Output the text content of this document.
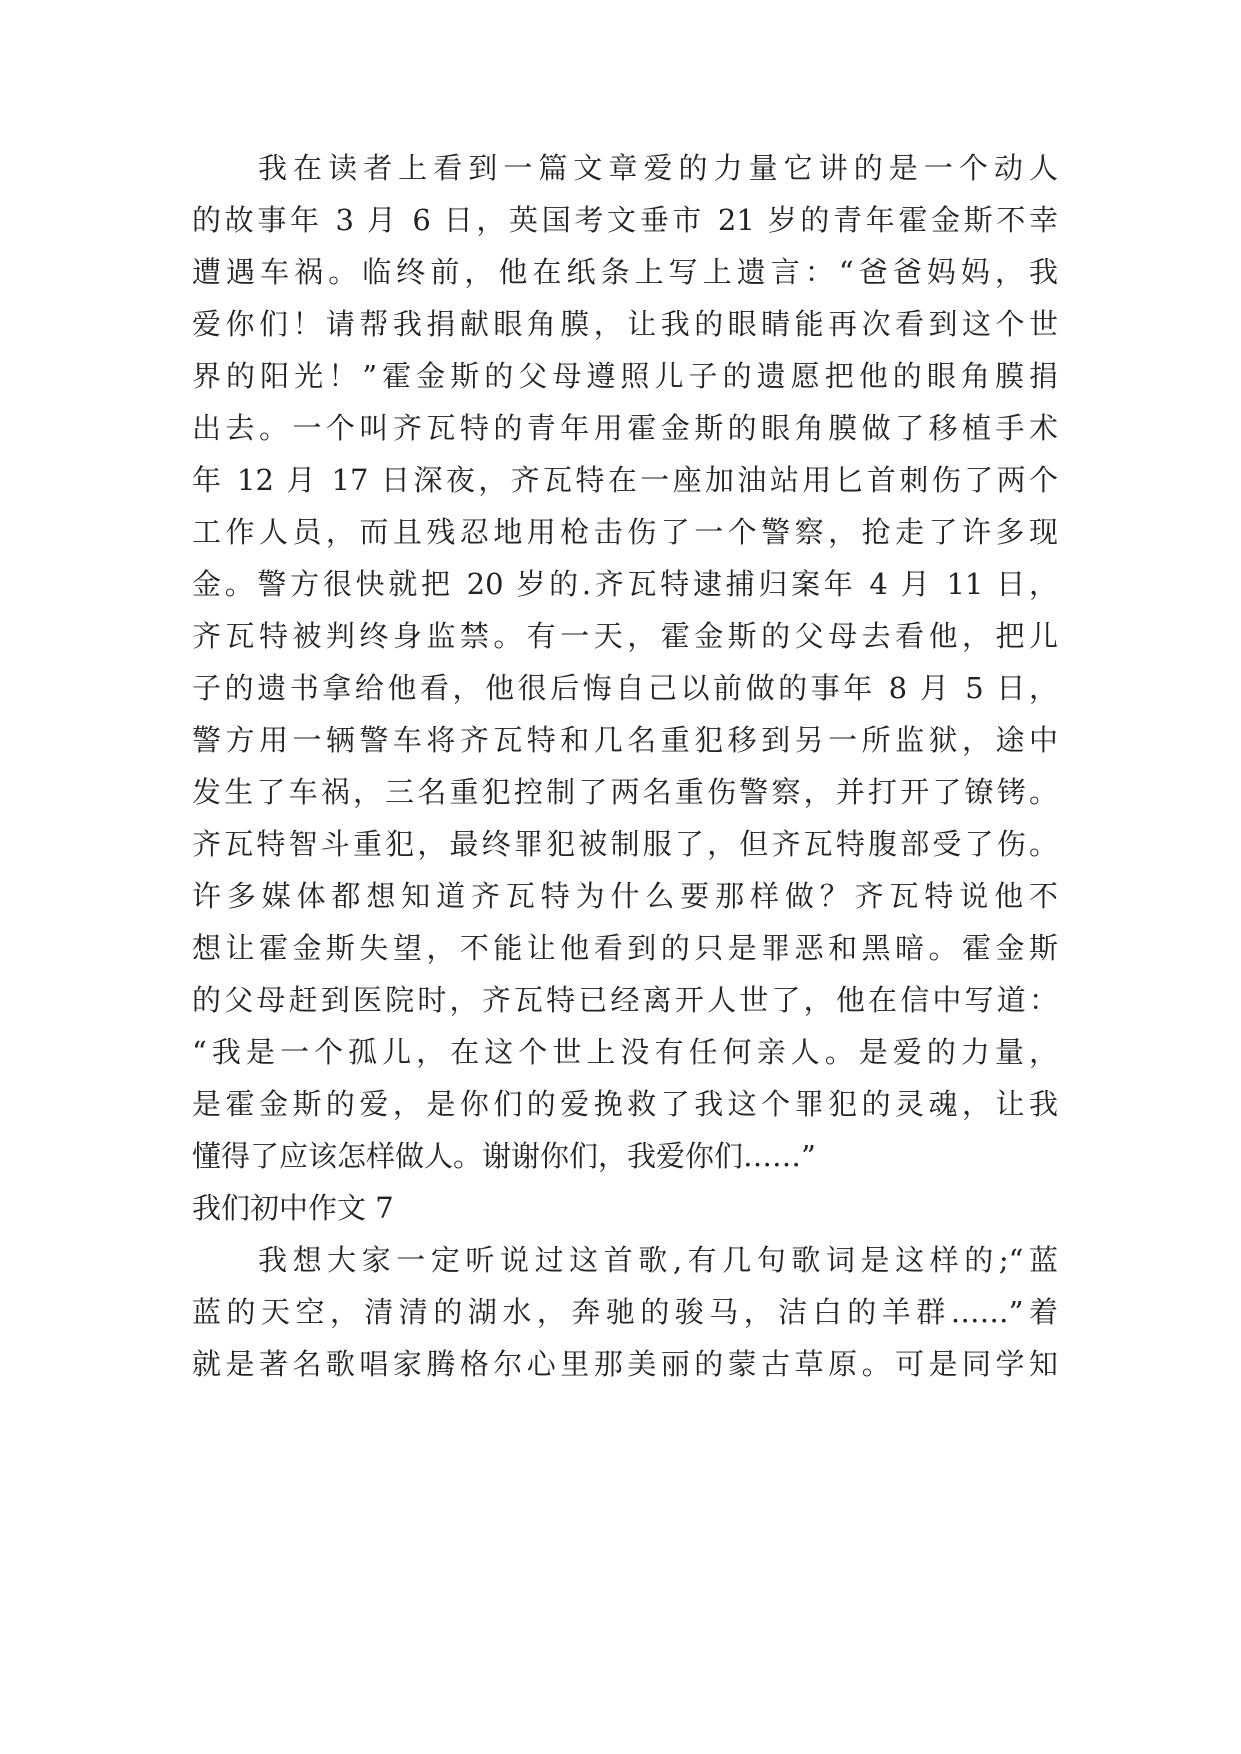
我在读者上看到一篇文章爱的力量它讲的是一个动人
的故事年 3 月 6 日，英国考文垂市 21 岁的青年霍金斯不幸
遭遇车祸。临终前，他在纸条上写上遗言：“爸爸妈妈，我
爱你们！请帮我捐献眼角膜，让我的眼睛能再次看到这个世
界的阳光！”霍金斯的父母遵照儿子的遗愿把他的眼角膜捐
出去。一个叫齐瓦特的青年用霍金斯的眼角膜做了移植手术
年 12 月 17 日深夜，齐瓦特在一座加油站用匕首刺伤了两个
工作人员，而且残忍地用枪击伤了一个警察，抢走了许多现
金。警方很快就把 20 岁的.齐瓦特逮捕归案年 4 月 11 日，
齐瓦特被判终身监禁。有一天，霍金斯的父母去看他，把儿
子的遗书拿给他看，他很后悔自己以前做的事年 8 月 5 日，
警方用一辆警车将齐瓦特和几名重犯移到另一所监狱，途中
发生了车祸，三名重犯控制了两名重伤警察，并打开了镣铐。
齐瓦特智斗重犯，最终罪犯被制服了，但齐瓦特腹部受了伤。
许多媒体都想知道齐瓦特为什么要那样做？齐瓦特说他不
想让霍金斯失望，不能让他看到的只是罪恶和黑暗。霍金斯
的父母赶到医院时，齐瓦特已经离开人世了，他在信中写道：
“我是一个孤儿，在这个世上没有任何亲人。是爱的力量，
是霍金斯的爱，是你们的爱挽救了我这个罪犯的灵魂，让我
懂得了应该怎样做人。谢谢你们，我爱你们……”
我们初中作文 7
我想大家一定听说过这首歌,有几句歌词是这样的;“蓝
蓝的天空，清清的湖水，奔驰的骏马，洁白的羊群……”着
就是著名歌唱家腾格尔心里那美丽的蒙古草原。可是同学知
